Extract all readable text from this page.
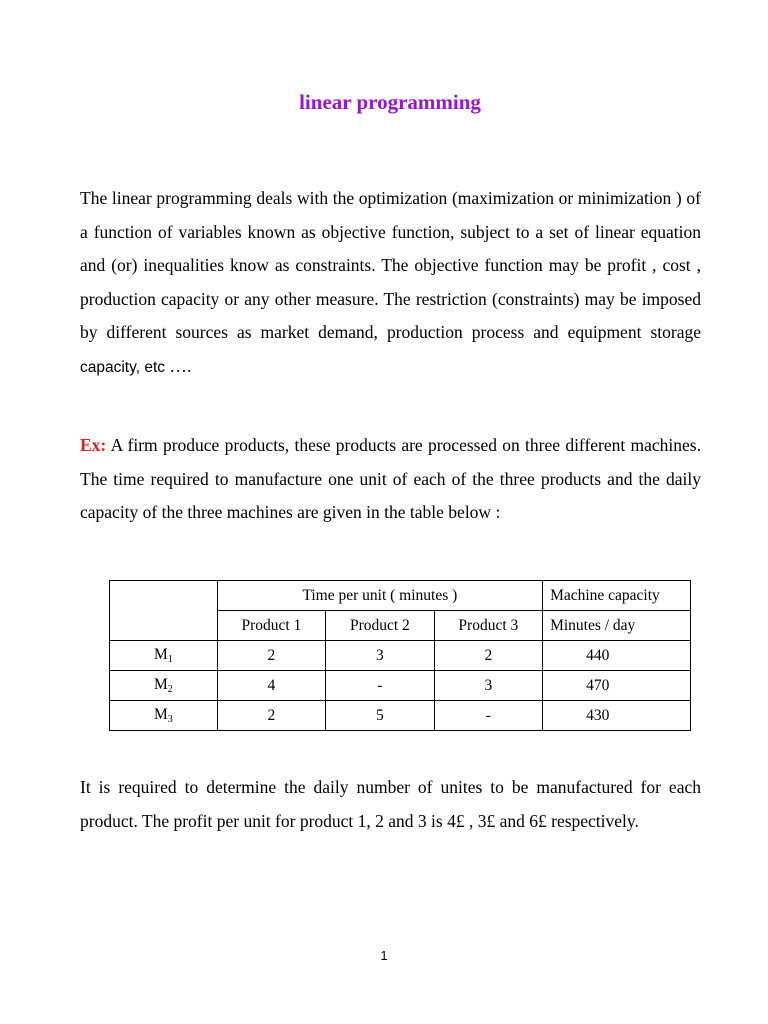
linear programming

The linear programming deals with the optimization (maximization or minimization ) of a function of variables known as objective function, subject to a set of linear equation and (or) inequalities know as constraints. The objective function may be profit , cost , production capacity or any other measure. The restriction (constraints) may be imposed by different sources as market demand, production process and equipment storage capacity, etc ….

Ex: A firm produce products, these products are processed on three different machines. The time required to manufacture one unit of each of the three products and the daily capacity of the three machines are given in the table below :

	Time per unit ( minutes )			Machine capacity
	Product 1	Product 2	Product 3	Minutes / day
$M_1$	2	3	2	440
$M_2$	4	-	3	470
$M_3$	2	5	-	430

It is required to determine the daily number of unites to be manufactured for each product. The profit per unit for product 1, 2 and 3 is 4£ , 3£ and 6£ respectively.

1
